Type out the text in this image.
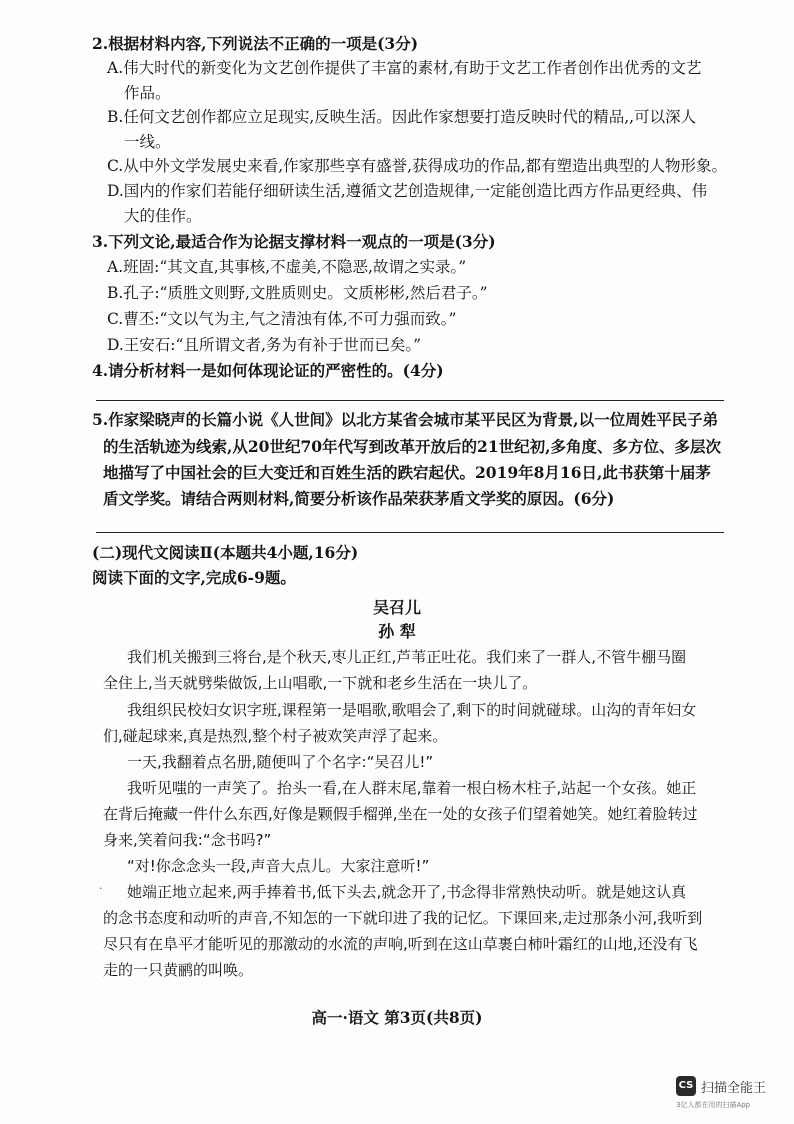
2.根据材料内容,下列说法不正确的一项是(3分)
A.伟大时代的新变化为文艺创作提供了丰富的素材,有助于文艺工作者创作出优秀的文艺
作品。
B.任何文艺创作都应立足现实,反映生活。因此作家想要打造反映时代的精品,,可以深人
一线。
C.从中外文学发展史来看,作家那些享有盛誉,获得成功的作品,都有塑造出典型的人物形象。
D.国内的作家们若能仔细研读生活,遵循文艺创造规律,一定能创造比西方作品更经典、伟
大的佳作。
3.下列文论,最适合作为论据支撑材料一观点的一项是(3分)
A.班固:“其文直,其事核,不虚美,不隐恶,故谓之实录。”
B.孔子:“质胜文则野,文胜质则史。文质彬彬,然后君子。”
C.曹丕:“文以气为主,气之清浊有体,不可力强而致。”
D.王安石:“且所谓文者,务为有补于世而已矣。”
4.请分析材料一是如何体现论证的严密性的。(4分)
5.作家梁晓声的长篇小说《人世间》以北方某省会城市某平民区为背景,以一位周姓平民子弟
的生活轨迹为线索,从20世纪70年代写到改革开放后的21世纪初,多角度、多方位、多层次
地描写了中国社会的巨大变迁和百姓生活的跌宕起伏。2019年8月16日,此书获第十届茅
盾文学奖。请结合两则材料,简要分析该作品荣获茅盾文学奖的原因。(6分)
(二)现代文阅读Ⅱ(本题共4小题,16分)
阅读下面的文字,完成6-9题。
吴召儿
孙 犁
我们机关搬到三将台,是个秋天,枣儿正红,芦苇正吐花。我们来了一群人,不管牛棚马圈
全住上,当天就劈柴做饭,上山唱歌,一下就和老乡生活在一块儿了。
我组织民校妇女识字班,课程第一是唱歌,歌唱会了,剩下的时间就碰球。山沟的青年妇女
们,碰起球来,真是热烈,整个村子被欢笑声浮了起来。
一天,我翻着点名册,随便叫了个名字:“吴召儿!”
我听见嗤的一声笑了。抬头一看,在人群末尾,靠着一根白杨木柱子,站起一个女孩。她正
在背后掩藏一件什么东西,好像是颗假手榴弹,坐在一处的女孩子们望着她笑。她红着脸转过
身来,笑着问我:“念书吗?”
“对!你念念头一段,声音大点儿。大家注意听!”
· 她端正地立起来,两手捧着书,低下头去,就念开了,书念得非常熟快动听。就是她这认真
的念书态度和动听的声音,不知怎的一下就印进了我的记忆。下课回来,走过那条小河,我听到
尽只有在阜平才能听见的那激动的水流的声响,听到在这山草裹白柿叶霜红的山地,还没有飞
走的一只黄鹂的叫唤。
高一·语文 第3页(共8页)
CS 扫描全能王
3亿人都在用的扫描App
